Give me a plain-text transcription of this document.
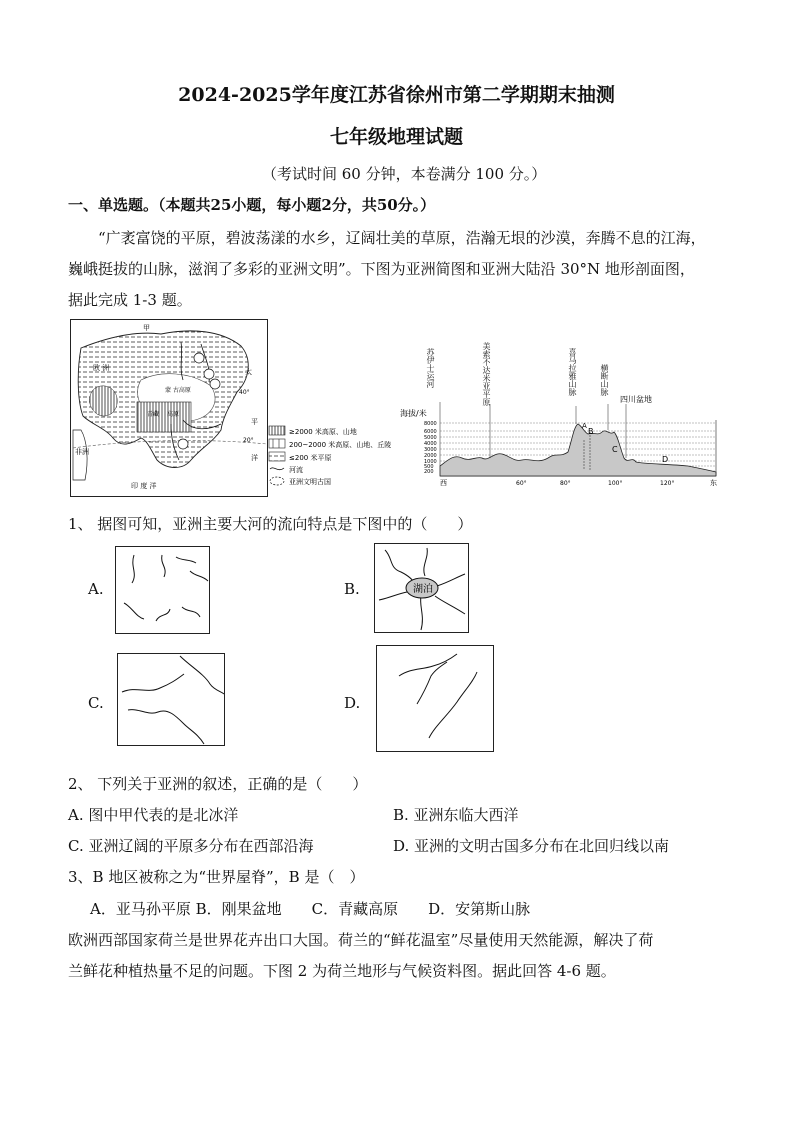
2024-2025学年度江苏省徐州市第二学期期末抽测
七年级地理试题
（考试时间 60 分钟，本卷满分 100 分。）
一、单选题。（本题共25小题，每小题2分，共50分。）
“广袤富饶的平原，碧波荡漾的水乡，辽阔壮美的草原，浩瀚无垠的沙漠，奔腾不息的江海，
巍峨挺拔的山脉，滋润了多彩的亚洲文明”。下图为亚洲简图和亚洲大陆沿 30°N 地形剖面图，
据此完成 1-3 题。
甲
欧 洲	太
平
洋
40°
20°
非洲
印 度 洋
蒙 古高原
青藏 高原
≥2000 米高原、山地
200~2000 米高原、山地、丘陵
≤200 米平原
河流
亚洲文明古国
海拔/米
8000
6000
5000
4000
3000
2000
1000
500
200
苏伊士运河	美索不达米亚平原	喜马拉雅山脉	横断山脉
四川盆地
B
A
C
D
西	60°	80°	100°	120°	东
1、 据图可知，亚洲主要大河的流向特点是下图中的（　　）
A.	B.	湖泊
C.	D.
2、 下列关于亚洲的叙述，正确的是（　　）
A. 图中甲代表的是北冰洋	B. 亚洲东临大西洋
C. 亚洲辽阔的平原多分布在西部沿海	D. 亚洲的文明古国多分布在北回归线以南
3、B 地区被称之为“世界屋脊”，B 是（　）
A．亚马孙平原 B．刚果盆地　　C．青藏高原　　D．安第斯山脉
欧洲西部国家荷兰是世界花卉出口大国。荷兰的“鲜花温室”尽量使用天然能源，解决了荷
兰鲜花种植热量不足的问题。下图 2 为荷兰地形与气候资料图。据此回答 4-6 题。
